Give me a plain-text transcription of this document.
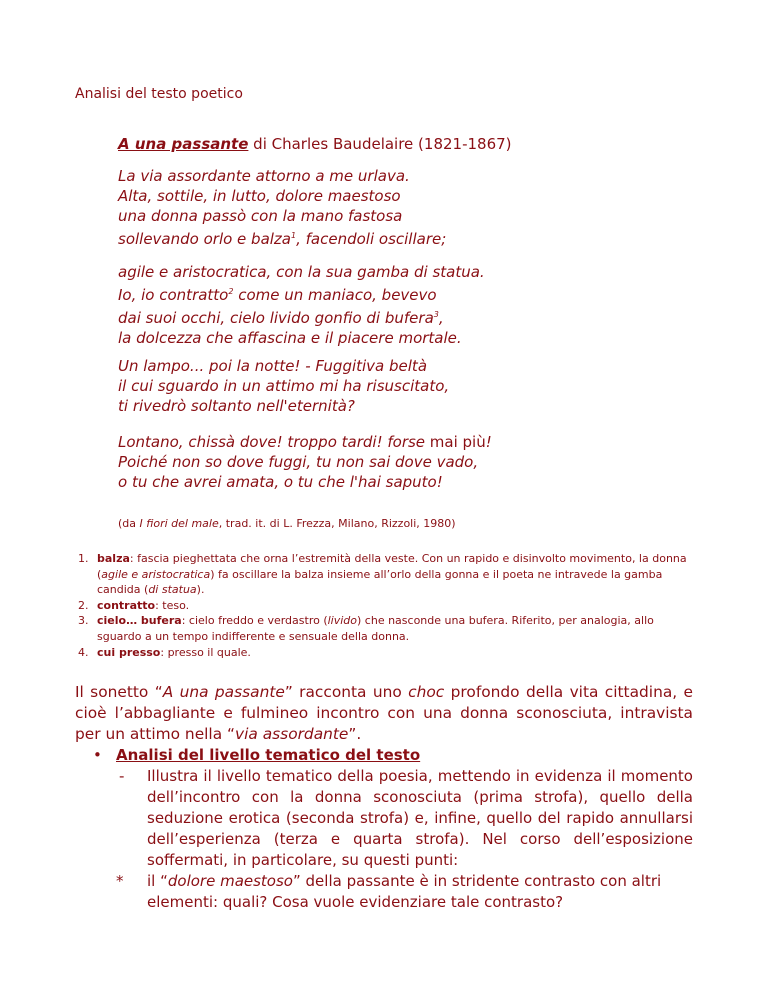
Analisi del testo poetico
A una passante di Charles Baudelaire (1821-1867)
La via assordante attorno a me urlava.
Alta, sottile, in lutto, dolore maestoso
una donna passò con la mano fastosa
sollevando orlo e balza$^1$, facendoli oscillare;
agile e aristocratica, con la sua gamba di statua.
Io, io contratto$^2$ come un maniaco, bevevo
dai suoi occhi, cielo livido gonfio di bufera$^3$,
la dolcezza che affascina e il piacere mortale.
Un lampo... poi la notte! - Fuggitiva beltà
il cui sguardo in un attimo mi ha risuscitato,
ti rivedrò soltanto nell'eternità?
Lontano, chissà dove! troppo tardi! forse mai più!
Poiché non so dove fuggi, tu non sai dove vado,
o tu che avrei amata, o tu che l'hai saputo!
(da I fiori del male, trad. it. di L. Frezza, Milano, Rizzoli, 1980)
1. balza: fascia pieghettata che orna l’estremità della veste. Con un rapido e disinvolto movimento, la donna (agile e aristocratica) fa oscillare la balza insieme all’orlo della gonna e il poeta ne intravede la gamba candida (di statua).
2. contratto: teso.
3. cielo… bufera: cielo freddo e verdastro (livido) che nasconde una bufera. Riferito, per analogia, allo sguardo a un tempo indifferente e sensuale della donna.
4. cui presso: presso il quale.
Il sonetto “A una passante” racconta uno choc profondo della vita cittadina, e cioè l’abbagliante e fulmineo incontro con una donna sconosciuta, intravista per un attimo nella “via assordante”.
• Analisi del livello tematico del testo
- Illustra il livello tematico della poesia, mettendo in evidenza il momento dell’incontro con la donna sconosciuta (prima strofa), quello della seduzione erotica (seconda strofa) e, infine, quello del rapido annullarsi dell’esperienza (terza e quarta strofa). Nel corso dell’esposizione soffermati, in particolare, su questi punti:
* il “dolore maestoso” della passante è in stridente contrasto con altri elementi: quali? Cosa vuole evidenziare tale contrasto?
